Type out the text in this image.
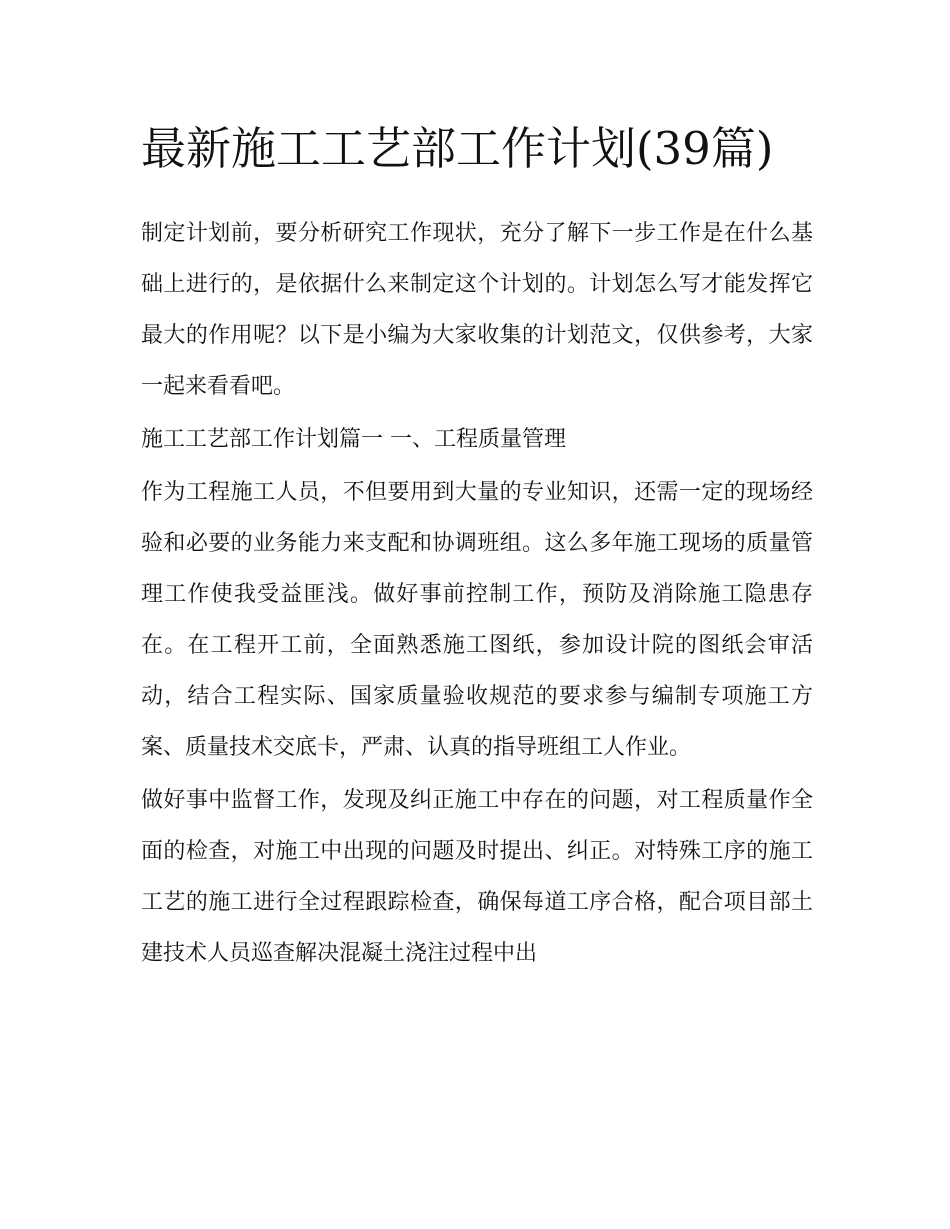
最新施工工艺部工作计划(39篇)

制定计划前，要分析研究工作现状，充分了解下一步工作是在什么基础上进行的，是依据什么来制定这个计划的。计划怎么写才能发挥它最大的作用呢？以下是小编为大家收集的计划范文，仅供参考，大家一起来看看吧。

施工工艺部工作计划篇一 一、工程质量管理

作为工程施工人员，不但要用到大量的专业知识，还需一定的现场经验和必要的业务能力来支配和协调班组。这么多年施工现场的质量管理工作使我受益匪浅。做好事前控制工作，预防及消除施工隐患存在。在工程开工前，全面熟悉施工图纸，参加设计院的图纸会审活动，结合工程实际、国家质量验收规范的要求参与编制专项施工方案、质量技术交底卡，严肃、认真的指导班组工人作业。

做好事中监督工作，发现及纠正施工中存在的问题，对工程质量作全面的检查，对施工中出现的问题及时提出、纠正。对特殊工序的施工工艺的施工进行全过程跟踪检查，确保每道工序合格，配合项目部土建技术人员巡查解决混凝土浇注过程中出
